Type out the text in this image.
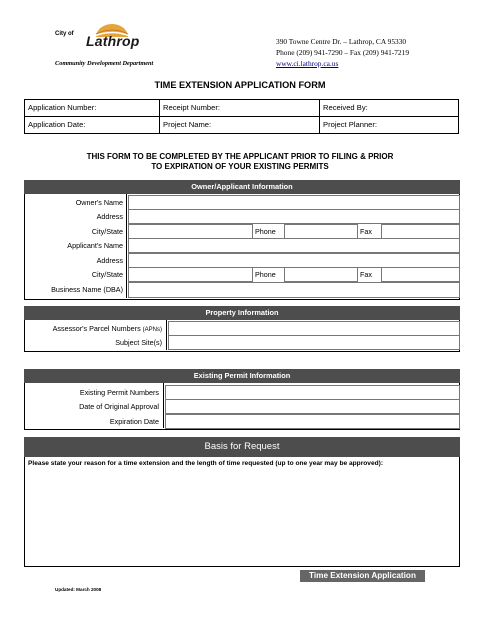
City of Lathrop
Community Development Department
390 Towne Centre Dr. – Lathrop, CA 95330
Phone (209) 941-7290 – Fax (209) 941-7219
www.ci.lathrop.ca.us
TIME EXTENSION APPLICATION FORM
Application Number:	Receipt Number:	Received By:
Application Date:	Project Name:	Project Planner:
THIS FORM TO BE COMPLETED BY THE APPLICANT PRIOR TO FILING & PRIOR
TO EXPIRATION OF YOUR EXISTING PERMITS
Owner/Applicant Information
Owner's Name
Address
City/State	Phone	Fax
Applicant's Name
Address
City/State	Phone	Fax
Business Name (DBA)
Property Information
Assessor's Parcel Numbers (APNs)
Subject Site(s)
Existing Permit Information
Existing Permit Numbers
Date of Original Approval
Expiration Date
Basis for Request
Please state your reason for a time extension and the length of time requested (up to one year may be approved):
Time Extension Application
Updated: March 2008
